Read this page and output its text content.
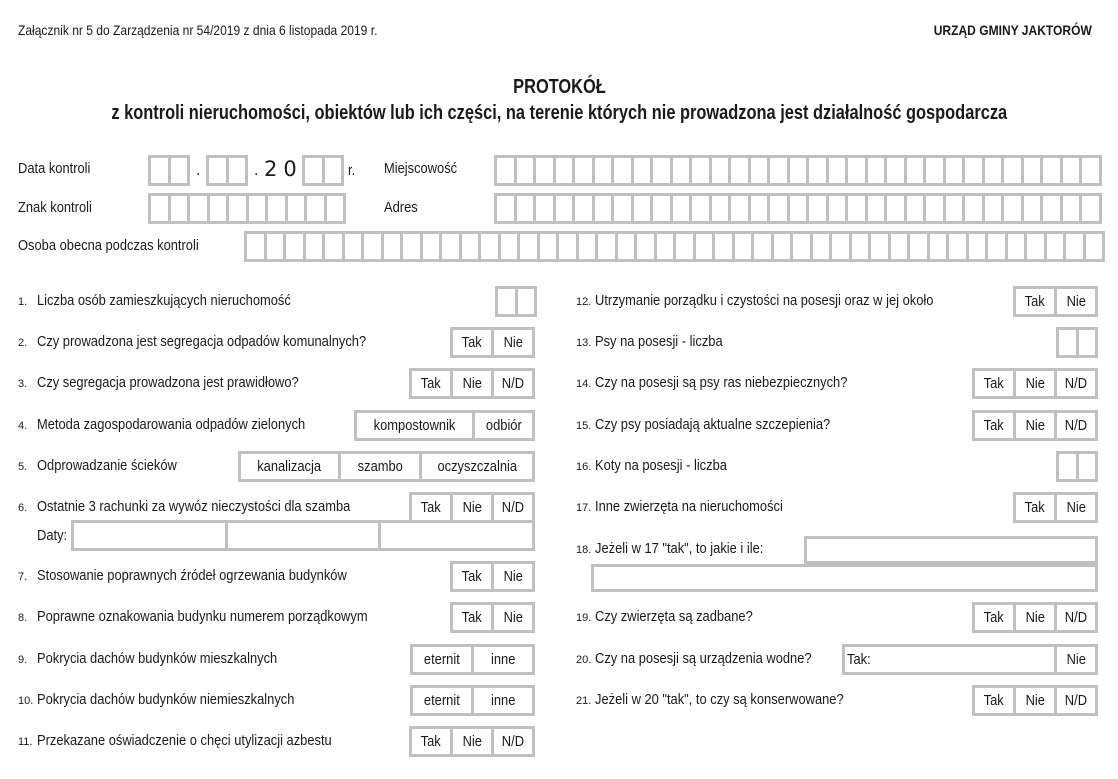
Załącznik nr 5 do Zarządzenia nr 54/2019 z dnia 6 listopada 2019 r.	URZĄD GMINY JAKTORÓW
PROTOKÓŁ
z kontroli nieruchomości, obiektów lub ich części, na terenie których nie prowadzona jest działalność gospodarcza
Data kontroli	.	. 20	r. Miejscowość
Znak kontroli	Adres
Osoba obecna podczas kontroli
1. Liczba osób zamieszkujących nieruchomość
2. Czy prowadzona jest segregacja odpadów komunalnych?	Tak	Nie
3. Czy segregacja prowadzona jest prawidłowo?	Tak	Nie	N/D
4. Metoda zagospodarowania odpadów zielonych	kompostownik	odbiór
5. Odprowadzanie ścieków	kanalizacja	szambo	oczyszczalnia
6. Ostatnie 3 rachunki za wywóz nieczystości dla szamba	Tak	Nie	N/D
Daty:
7. Stosowanie poprawnych źródeł ogrzewania budynków	Tak	Nie
8. Poprawne oznakowania budynku numerem porządkowym	Tak	Nie
9. Pokrycia dachów budynków mieszkalnych	eternit	inne
10. Pokrycia dachów budynków niemieszkalnych	eternit	inne
11. Przekazane oświadczenie o chęci utylizacji azbestu	Tak	Nie	N/D
12. Utrzymanie porządku i czystości na posesji oraz w jej około	Tak	Nie
13. Psy na posesji - liczba
14. Czy na posesji są psy ras niebezpiecznych?	Tak	Nie	N/D
15. Czy psy posiadają aktualne szczepienia?	Tak	Nie	N/D
16. Koty na posesji - liczba
17. Inne zwierzęta na nieruchomości	Tak	Nie
18. Jeżeli w 17 "tak", to jakie i ile:
19. Czy zwierzęta są zadbane?	Tak	Nie	N/D
20. Czy na posesji są urządzenia wodne?	Tak:	Nie
21. Jeżeli w 20 "tak", to czy są konserwowane?	Tak	Nie	N/D
